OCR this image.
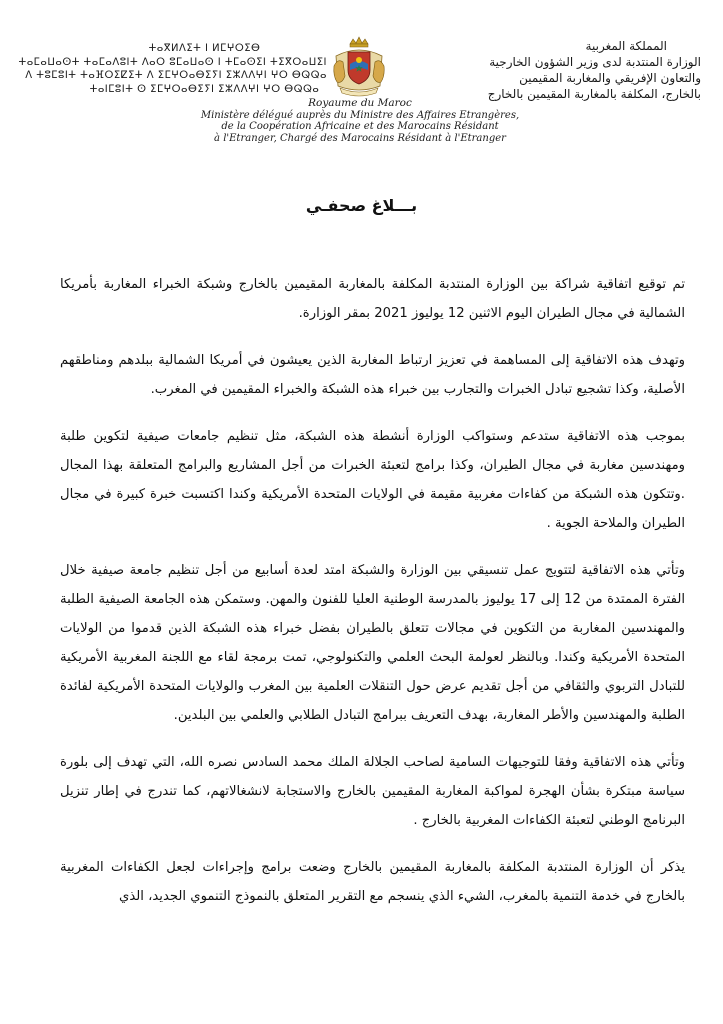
المملكة المغربية
الوزارة المنتدبة لدى وزير الشؤون الخارجية
والتعاون الإفريقي والمغاربة المقيمين
بالخارج، المكلفة بالمغاربة المقيمين بالخارج
ⵜⴰⴳⵍⴷⵉⵜ ⵏ ⵍⵎⵖⵔⵉⴱ
ⵜⴰⵎⴰⵡⴰⵙⵜ ⵜⴰⵎⴰⴷⵓⵏⵜ ⴷⴰⵔ ⵓⵎⴰⵡⴰⵙ ⵏ ⵜⵎⴰⵙⵉⵏ ⵜⵉⴳⵔⴰⵡⵉⵏ
ⴷ ⵜⵓⵎⵓⵏⵜ ⵜⴰⴼⵔⵉⵇⵉⵜ ⴷ ⵉⵎⵖⵔⴰⴱⵉⵢⵏ ⵉⵣⴷⴷⵖⵏ ⵖⵔ ⴱⵕⵕⴰ
ⵜⴰⵏⵎⵓⵏⵜ ⵙ ⵉⵎⵖⵔⴰⴱⵉⵢⵏ ⵉⵣⴷⴷⵖⵏ ⵖⵔ ⴱⵕⵕⴰ
Royaume du Maroc
Ministère délégué auprès du Ministre des Affaires Etrangères,
de la Coopération Africaine et des Marocains Résidant
à l'Etranger, Chargé des Marocains Résidant à l'Etranger
بـــلاغ صحفـي

تم توقيع اتفاقية شراكة بين الوزارة المنتدبة المكلفة بالمغاربة المقيمين بالخارج وشبكة الخبراء المغاربة بأمريكا الشمالية في مجال الطيران اليوم الاثنين 12 يوليوز 2021 بمقر الوزارة.

وتهدف هذه الاتفاقية إلى المساهمة في تعزيز ارتباط المغاربة الذين يعيشون في أمريكا الشمالية ببلدهم ومناطقهم الأصلية، وكذا تشجيع تبادل الخبرات والتجارب بين خبراء هذه الشبكة والخبراء المقيمين في المغرب.

بموجب هذه الاتفاقية ستدعم وستواكب الوزارة أنشطة هذه الشبكة، مثل تنظيم جامعات صيفية لتكوين طلبة ومهندسين مغاربة في مجال الطيران، وكذا برامج لتعبئة الخبرات من أجل المشاريع والبرامج المتعلقة بهذا المجال .وتتكون هذه الشبكة من كفاءات مغربية مقيمة في الولايات المتحدة الأمريكية وكندا اكتسبت خبرة كبيرة في مجال الطيران والملاحة الجوية .

وتأتي هذه الاتفاقية لتتويج عمل تنسيقي بين الوزارة والشبكة امتد لعدة أسابيع من أجل تنظيم جامعة صيفية خلال الفترة الممتدة من 12 إلى 17 يوليوز بالمدرسة الوطنية العليا للفنون والمهن. وستمكن هذه الجامعة الصيفية الطلبة والمهندسين المغاربة من التكوين في مجالات تتعلق بالطيران بفضل خبراء هذه الشبكة الذين قدموا من الولايات المتحدة الأمريكية وكندا. وبالنظر لعولمة البحث العلمي والتكنولوجي، تمت برمجة لقاء مع اللجنة المغربية الأمريكية للتبادل التربوي والثقافي من أجل تقديم عرض حول التنقلات العلمية بين المغرب والولايات المتحدة الأمريكية لفائدة الطلبة والمهندسين والأطر المغاربة، بهدف التعريف ببرامج التبادل الطلابي والعلمي بين البلدين.

وتأتي هذه الاتفاقية وفقا للتوجيهات السامية لصاحب الجلالة الملك محمد السادس نصره الله، التي تهدف إلى بلورة سياسة مبتكرة بشأن الهجرة لمواكبة المغاربة المقيمين بالخارج والاستجابة لانشغالاتهم، كما تندرج في إطار تنزيل البرنامج الوطني لتعبئة الكفاءات المغربية بالخارج .

يذكر أن الوزارة المنتدبة المكلفة بالمغاربة المقيمين بالخارج وضعت برامج وإجراءات لجعل الكفاءات المغربية بالخارج في خدمة التنمية بالمغرب، الشيء الذي ينسجم مع التقرير المتعلق بالنموذج التنموي الجديد، الذي
